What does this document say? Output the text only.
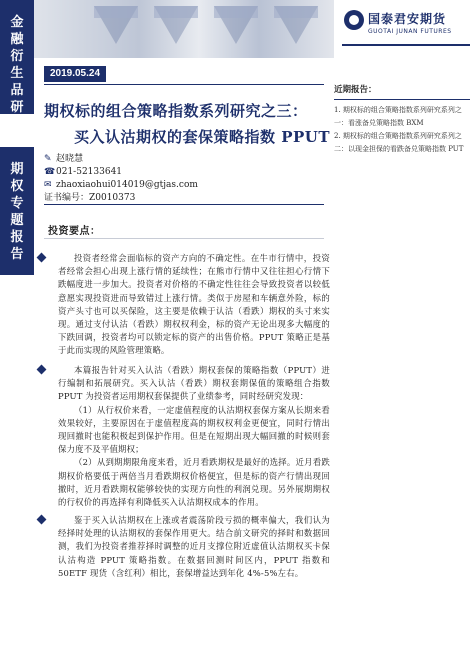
金
融
衍
生
品
研
究
期
权
专
题
报
告
国泰君安期货
GUOTAI JUNAN FUTURES
2019.05.24
期权标的组合策略指数系列研究之三：
买入认沽期权的套保策略指数 PPUT
✎ 赵晓慧
☎021-52133641
✉ zhaoxiaohui014019@gtjas.com
证书编号：Z0010373
近期报告：
1. 期权标的组合策略指数系列研究系列之一：看涨备兑策略指数 BXM
2. 期权标的组合策略指数系列研究系列之二：以现金担保的看跌备兑策略指数 PUT
投资要点：

投资者经常会面临标的资产方向的不确定性。在牛市行情中，投资者经常会担心出现上涨行情的延续性；在熊市行情中又往往担心行情下跌幅度进一步加大。投资者对价格的不确定性往往会导致投资者以较低意愿实现投资进而导致错过上涨行情。类似于房屋和车辆意外险，标的资产头寸也可以买保险，这主要是依赖于认沽（看跌）期权的头寸来实现。通过支付认沽（看跌）期权权利金，标的资产无论出现多大幅度的下跌回调，投资者均可以锁定标的资产的出售价格。PPUT 策略正是基于此而实现的风险管理策略。

本篇报告针对买入认沽（看跌）期权套保的策略指数（PPUT）进行编制和拓展研究。买入认沽（看跌）期权套期保值的策略组合指数 PPUT 为投资者运用期权套保提供了业绩参考，同时经研究发现：

（1）从行权价来看，一定虚值程度的认沽期权套保方案从长期来看效果较好，主要原因在于虚值程度高的期权权利金更便宜，同时行情出现回撤时也能积极起到保护作用。但是在短期出现大幅回撤的时候则套保力度不及平值期权；

（2）从到期期限角度来看，近月看跌期权是最好的选择。近月看跌期权价格要低于两倍当月看跌期权价格便宜，但是标的资产行情出现回撤时，近月看跌期权能够较快的实现方向性的利润兑现。另外展期期权的行权价的再选择有利降低买入认沽期权成本的作用。

鉴于买入认沽期权在上涨或者震荡阶段亏损的概率偏大，我们认为经择时处理的认沽期权的套保作用更大。结合前文研究的择时和数据回测，我们为投资者推荐择时调整的近月支撑位附近虚值认沽期权买卡保认沽构造 PPUT 策略指数。在数据回测时间区内，PPUT 指数和 50ETF 现货（含红利）相比，套保增益达到年化 4%-5%左右。
